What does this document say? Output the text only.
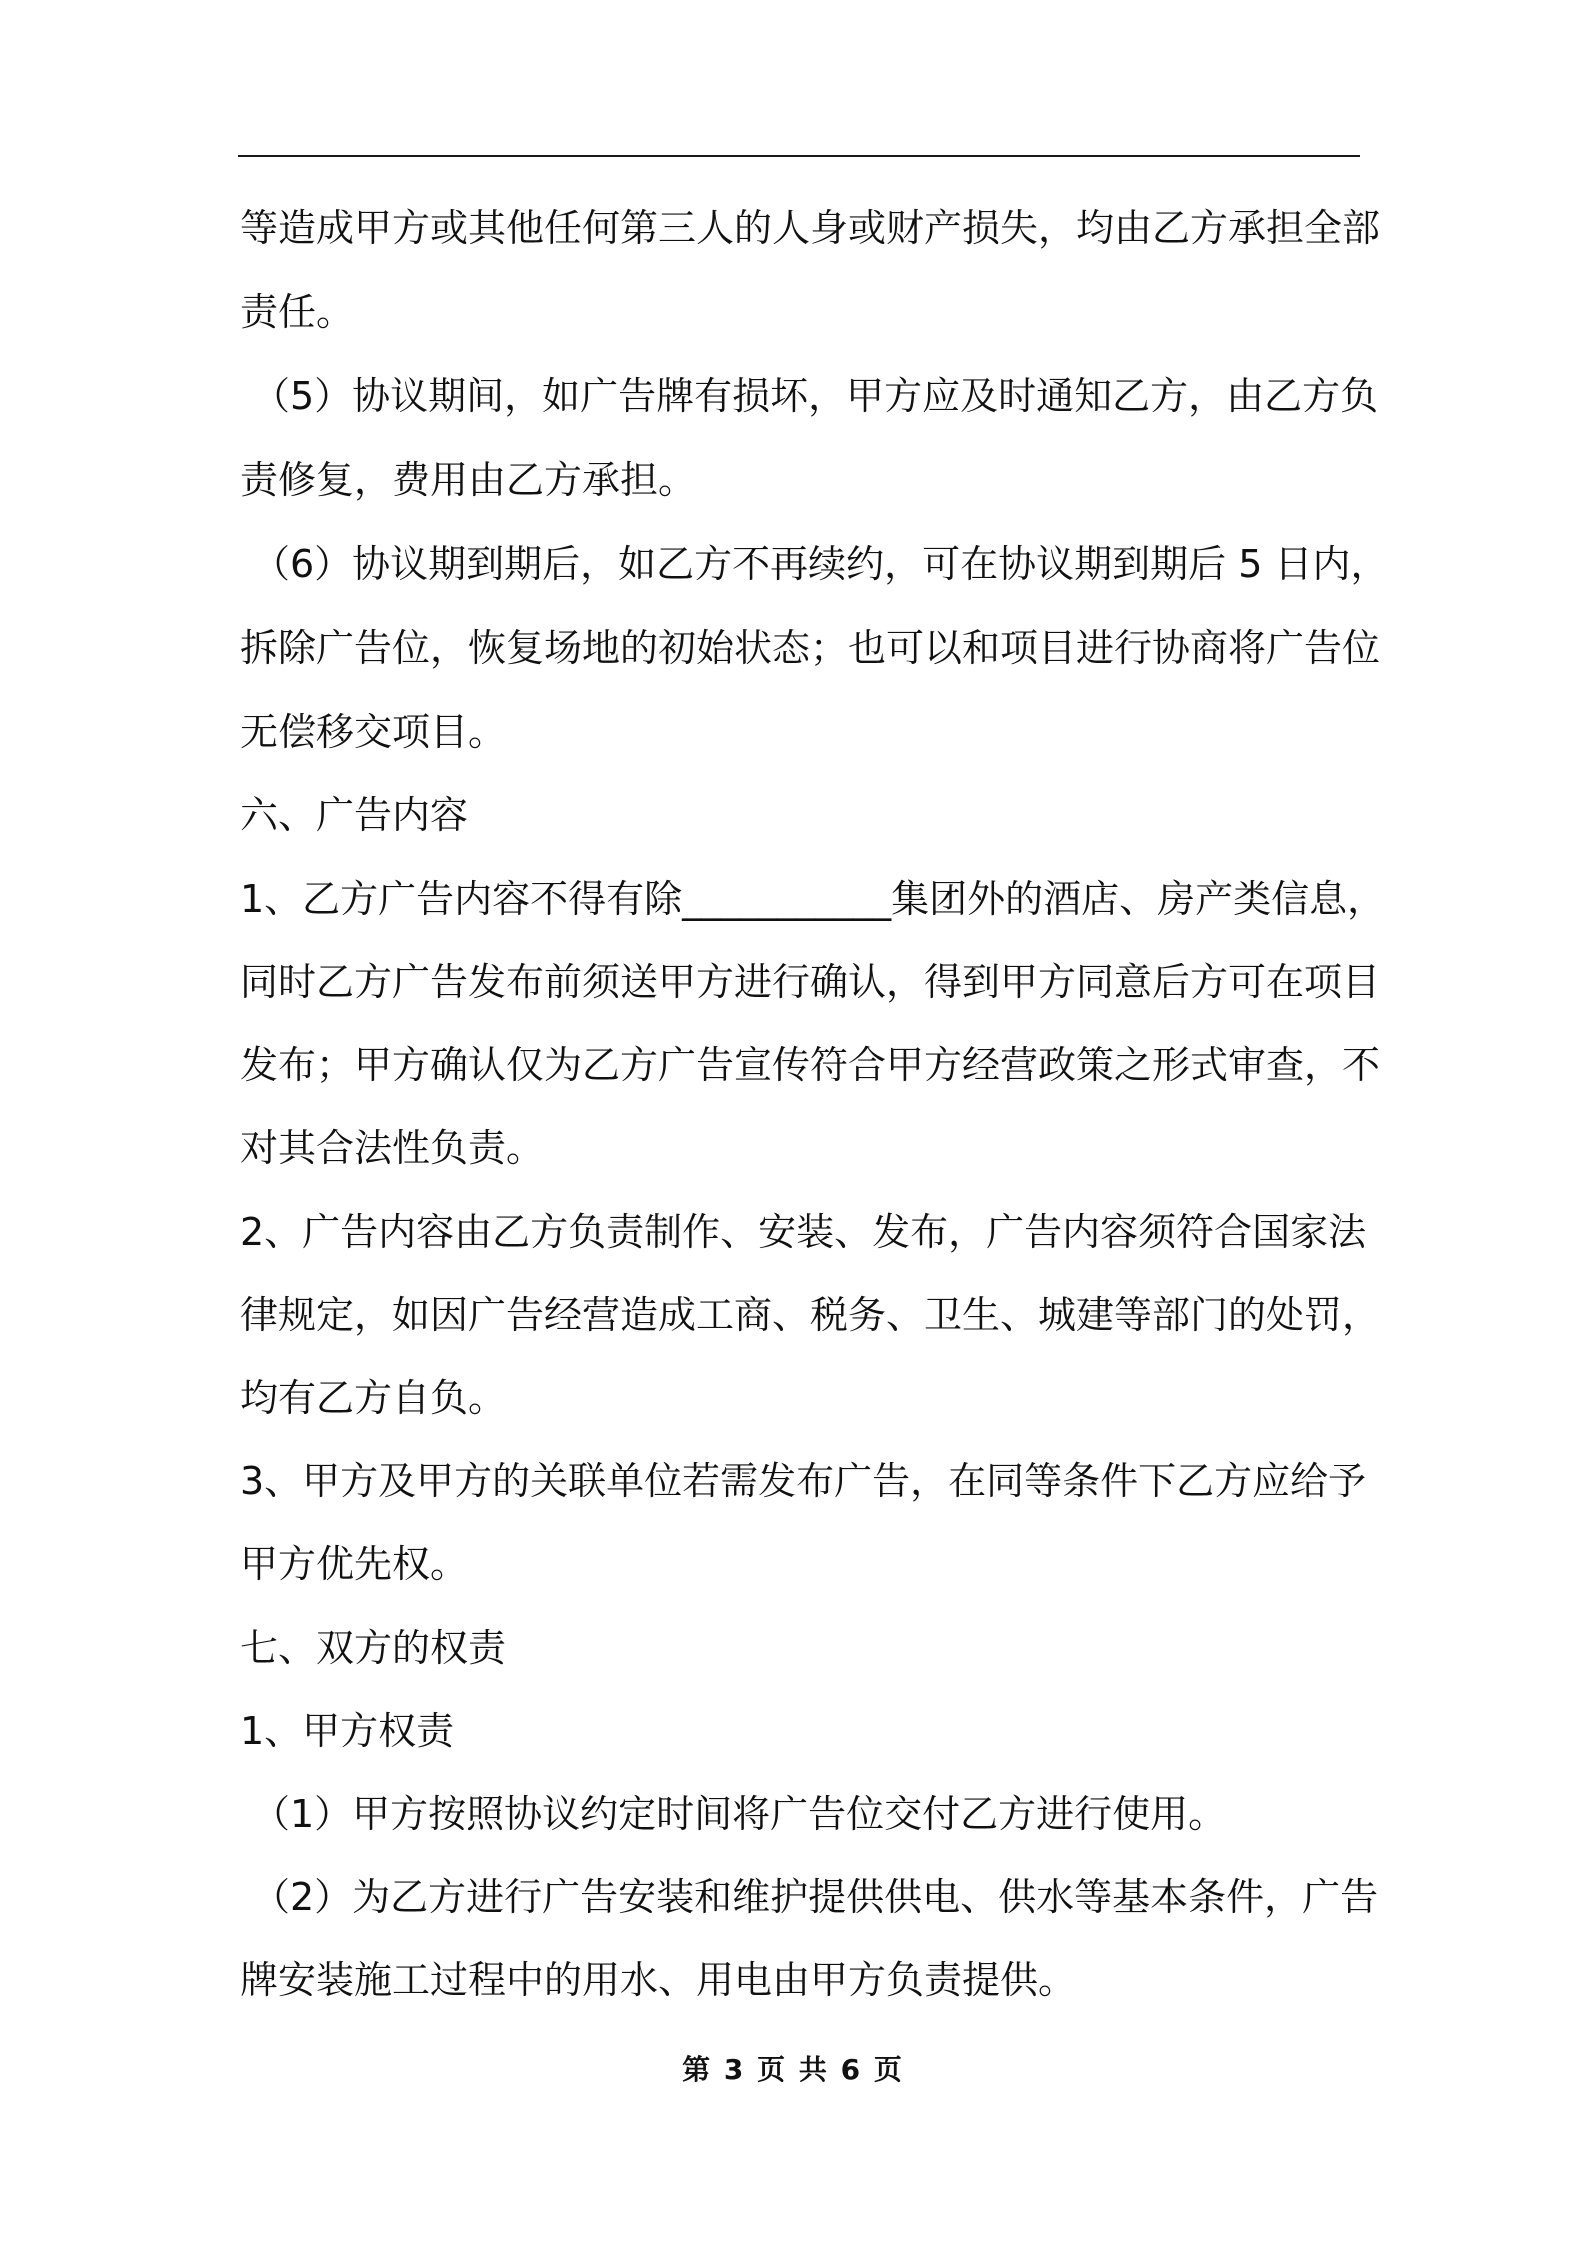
等造成甲方或其他任何第三人的人身或财产损失，均由乙方承担全部
责任。
（5）协议期间，如广告牌有损坏，甲方应及时通知乙方，由乙方负
责修复，费用由乙方承担。
（6）协议期到期后，如乙方不再续约，可在协议期到期后 5 日内，
拆除广告位，恢复场地的初始状态；也可以和项目进行协商将广告位
无偿移交项目。
六、广告内容
1、乙方广告内容不得有除___________集团外的酒店、房产类信息，
同时乙方广告发布前须送甲方进行确认，得到甲方同意后方可在项目
发布；甲方确认仅为乙方广告宣传符合甲方经营政策之形式审查，不
对其合法性负责。
2、广告内容由乙方负责制作、安装、发布，广告内容须符合国家法
律规定，如因广告经营造成工商、税务、卫生、城建等部门的处罚，
均有乙方自负。
3、甲方及甲方的关联单位若需发布广告，在同等条件下乙方应给予
甲方优先权。
七、双方的权责
1、甲方权责
（1）甲方按照协议约定时间将广告位交付乙方进行使用。
（2）为乙方进行广告安装和维护提供供电、供水等基本条件，广告
牌安装施工过程中的用水、用电由甲方负责提供。
第 3 页 共 6 页
